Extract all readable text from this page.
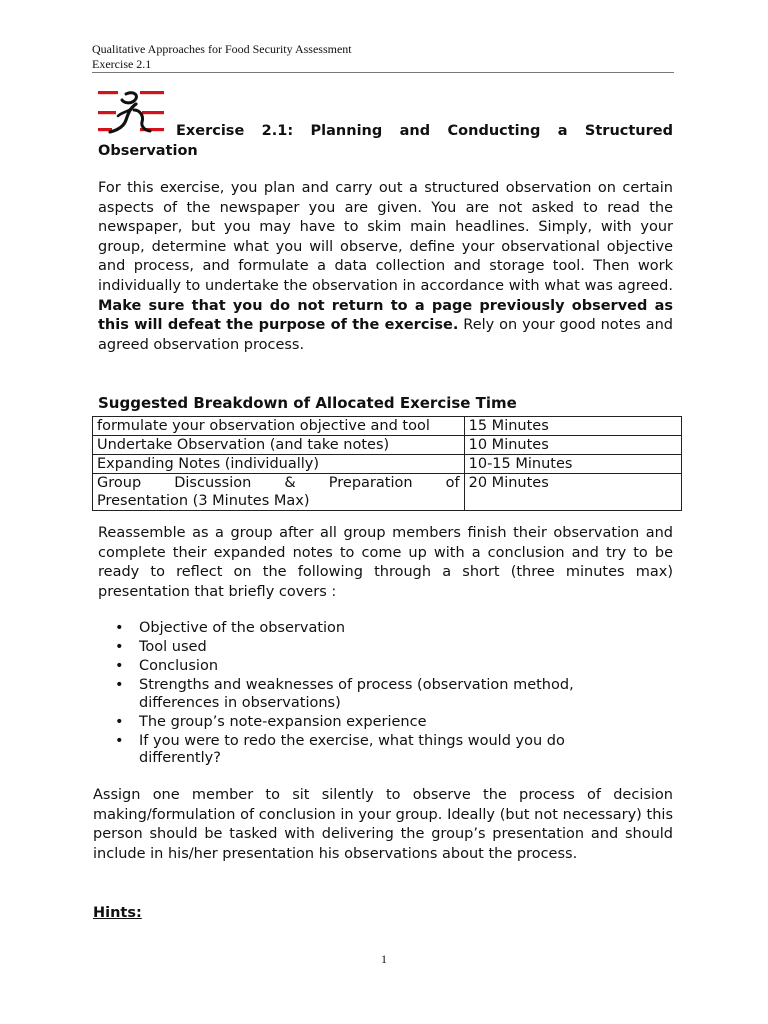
Qualitative Approaches for Food Security Assessment
Exercise 2.1
Exercise 2.1: Planning and Conducting a Structured
Observation
For this exercise, you plan and carry out a structured observation on certain aspects of the newspaper you are given. You are not asked to read the newspaper, but you may have to skim main headlines. Simply, with your group, determine what you will observe, define your observational objective and process, and formulate a data collection and storage tool. Then work individually to undertake the observation in accordance with what was agreed. Make sure that you do not return to a page previously observed as this will defeat the purpose of the exercise. Rely on your good notes and agreed observation process.
Suggested Breakdown of Allocated Exercise Time
formulate your observation objective and tool	15 Minutes
Undertake Observation (and take notes)	10 Minutes
Expanding Notes (individually)	10-15 Minutes

Group Discussion & Preparation of
Presentation (3 Minutes Max)	20 Minutes
Reassemble as a group after all group members finish their observation and complete their expanded notes to come up with a conclusion and try to be ready to reflect on the following through a short (three minutes max) presentation that briefly covers :
• Objective of the observation
• Tool used
• Conclusion
• Strengths and weaknesses of process (observation method,
differences in observations)
• The group’s note-expansion experience
• If you were to redo the exercise, what things would you do
differently?
Assign one member to sit silently to observe the process of decision making/formulation of conclusion in your group. Ideally (but not necessary) this person should be tasked with delivering the group’s presentation and should include in his/her presentation his observations about the process.
Hints:
1
